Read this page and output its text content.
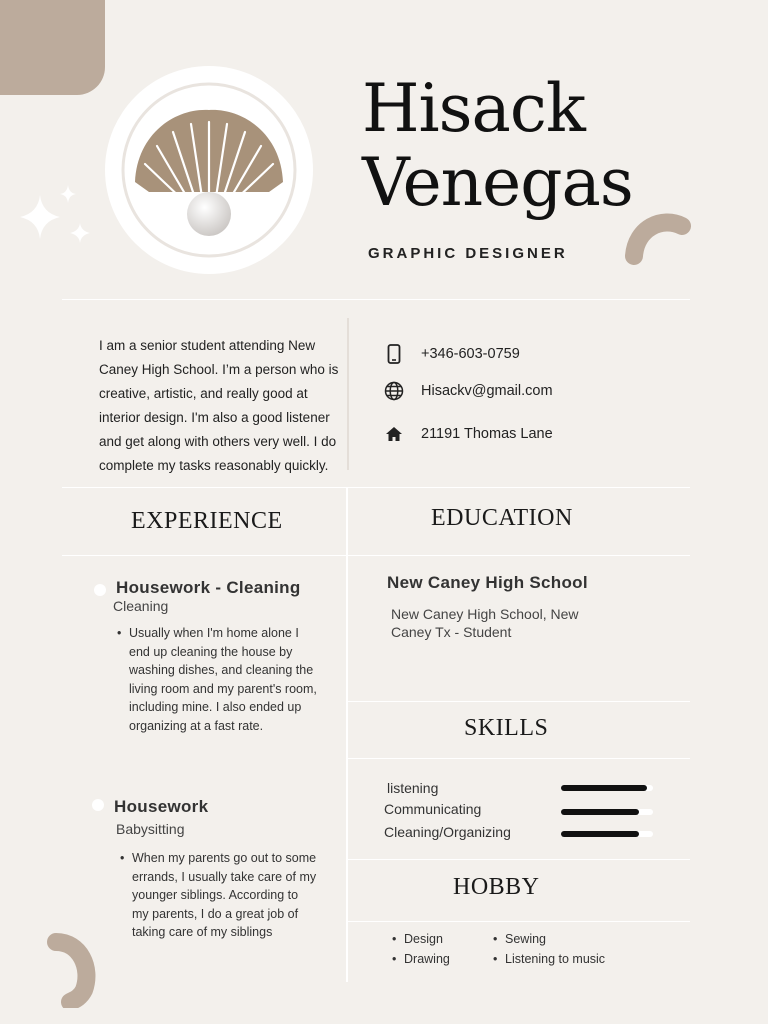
Hisack
Venegas
GRAPHIC DESIGNER
I am a senior student attending New Caney High School. I’m a person who is creative, artistic, and really good at interior design. I'm also a good listener and get along with others very well. I do complete my tasks reasonably quickly.
+346-603-0759
Hisackv@gmail.com
21191 Thomas Lane
EXPERIENCE	EDUCATION
SKILLS
HOBBY
Housework - Cleaning
Cleaning
• Usually when I'm home alone I end up cleaning the house by washing dishes, and cleaning the living room and my parent's room, including mine. I also ended up organizing at a fast rate.
Housework
Babysitting
• When my parents go out to some errands, I usually take care of my younger siblings. According to my parents, I do a great job of taking care of my siblings
New Caney High School
New Caney High School, New Caney Tx - Student
listening
Communicating
Cleaning/Organizing
• Design
• Drawing
• Sewing
• Listening to music
